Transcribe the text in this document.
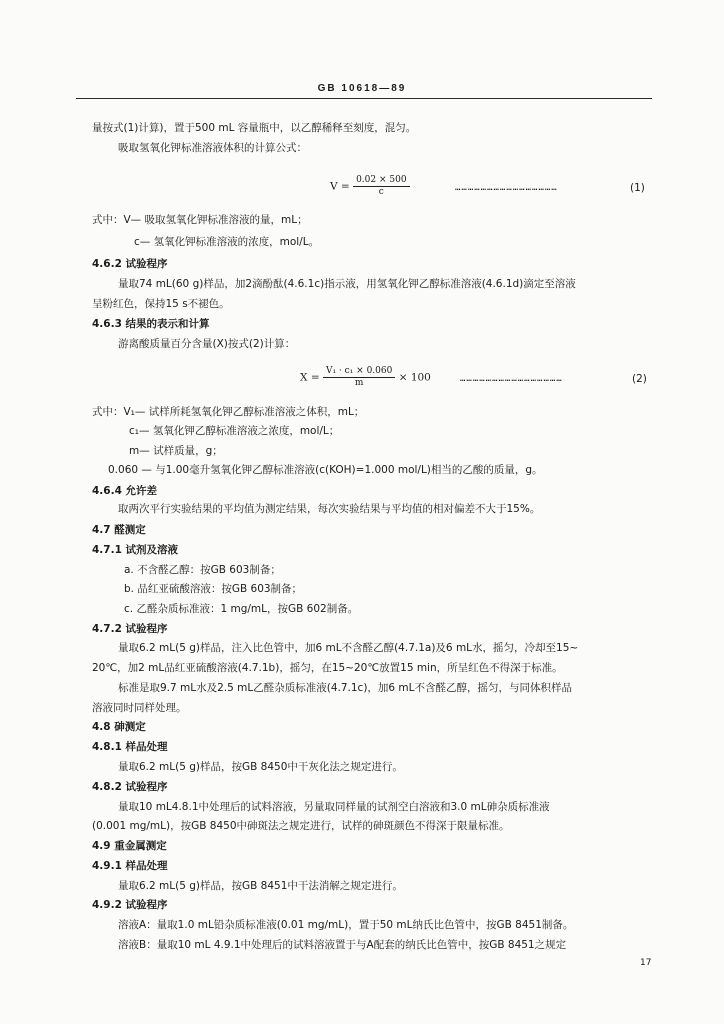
GB 10618—89
量按式(1)计算)，置于500 mL 容量瓶中，以乙醇稀释至刻度，混匀。
吸取氢氧化钾标准溶液体积的计算公式：
$V = \frac{0.02 \times 500}{c}$	…………………………………………	(1)
式中：V— 吸取氢氧化钾标准溶液的量，mL；
c— 氢氧化钾标准溶液的浓度，mol/L。
4.6.2 试验程序
量取74 mL(60 g)样品，加2滴酚酞(4.6.1c)指示液，用氢氧化钾乙醇标准溶液(4.6.1d)滴定至溶液
呈粉红色，保持15 s不褪色。
4.6.3 结果的表示和计算
游离酸质量百分含量(X)按式(2)计算：
$X = \frac{\text{V₁ · c₁ × 0.060}}{m} \times 100$	…………………………………………	(2)
式中：V₁— 试样所耗氢氧化钾乙醇标准溶液之体积，mL；
c₁— 氢氧化钾乙醇标准溶液之浓度，mol/L；
m— 试样质量，g；
0.060 — 与1.00毫升氢氧化钾乙醇标准溶液(c(KOH)=1.000 mol/L)相当的乙酸的质量，g。
4.6.4 允许差
取两次平行实验结果的平均值为测定结果，每次实验结果与平均值的相对偏差不大于15%。
4.7 醛测定
4.7.1 试剂及溶液
a. 不含醛乙醇：按GB 603制备；
b. 品红亚硫酸溶液：按GB 603制备；
c. 乙醛杂质标准液：1 mg/mL，按GB 602制备。
4.7.2 试验程序
量取6.2 mL(5 g)样品，注入比色管中，加6 mL不含醛乙醇(4.7.1a)及6 mL水，摇匀，冷却至15~
20℃，加2 mL品红亚硫酸溶液(4.7.1b)，摇匀，在15~20℃放置15 min，所呈红色不得深于标准。
标准是取9.7 mL水及2.5 mL乙醛杂质标准液(4.7.1c)，加6 mL不含醛乙醇，摇匀，与同体积样品
溶液同时同样处理。
4.8 砷测定
4.8.1 样品处理
量取6.2 mL(5 g)样品，按GB 8450中干灰化法之规定进行。
4.8.2 试验程序
量取10 mL4.8.1中处理后的试料溶液，另量取同样量的试剂空白溶液和3.0 mL砷杂质标准液
(0.001 mg/mL)，按GB 8450中砷斑法之规定进行，试样的砷斑颜色不得深于限量标准。
4.9 重金属测定
4.9.1 样品处理
量取6.2 mL(5 g)样品，按GB 8451中干法消解之规定进行。
4.9.2 试验程序
溶液A：量取1.0 mL铅杂质标准液(0.01 mg/mL)，置于50 mL纳氏比色管中，按GB 8451制备。
溶液B：量取10 mL 4.9.1中处理后的试料溶液置于与A配套的纳氏比色管中，按GB 8451之规定
17
